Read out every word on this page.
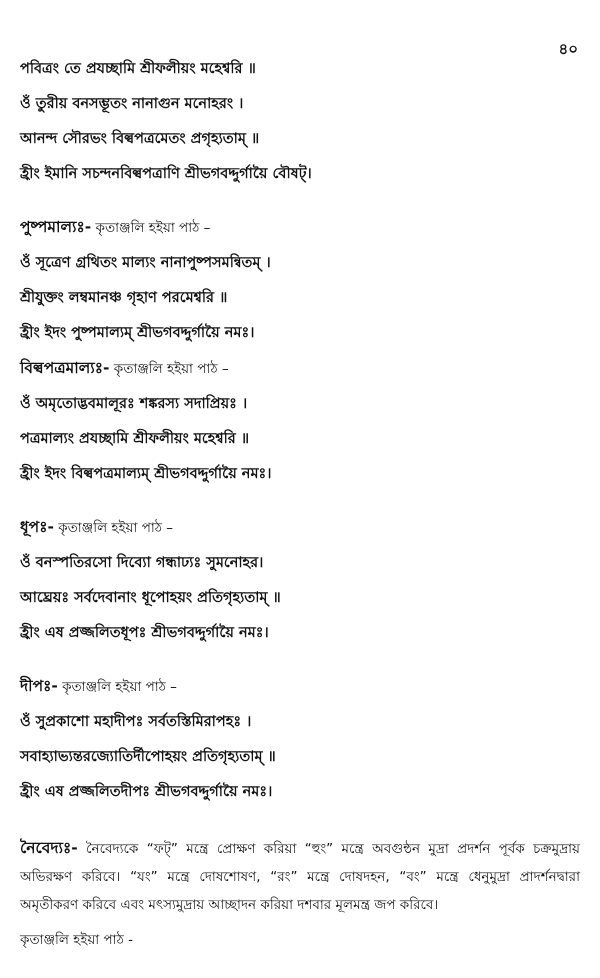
৪০
পবিত্রং তে প্রযচ্ছামি শ্রীফলীয়ং মহেশ্বরি ॥
ওঁ তুরীয় বনসম্ভূতং নানাগুন মনোহরং ।
আনন্দ সৌরভং বিল্বপত্রমেতং প্রগৃহ্যতাম্ ॥
হ্রীং ইমানি সচন্দনবিল্বপত্রাণি শ্রীভগবদ্দুর্গায়ৈ বৌষট্।
পুষ্পমাল্যঃ- কৃতাঞ্জলি হইয়া পাঠ –
ওঁ সূত্রেণ গ্রথিতং মাল্যং নানাপুষ্পসমন্বিতম্ ।
শ্রীযুক্তং লম্বমানঞ্চ গৃহাণ পরমেশ্বরি ॥
হ্রীং ইদং পুষ্পমাল্যম্ শ্রীভগবদ্দুর্গায়ৈ নমঃ।
বিল্বপত্রমাল্যঃ- কৃতাঞ্জলি হইয়া পাঠ –
ওঁ অমৃতোদ্ভবমালূরঃ শঙ্করস্য সদাপ্রিয়ঃ ।
পত্রমাল্যং প্রযচ্ছামি শ্রীফলীয়ং মহেশ্বরি ॥
হ্রীং ইদং বিল্বপত্রমাল্যম্ শ্রীভগবদ্দুর্গায়ৈ নমঃ।
ধূপঃ- কৃতাঞ্জলি হইয়া পাঠ –
ওঁ বনস্পতিরসো দিব্যো গন্ধাঢ্যঃ সুমনোহর।
আঘ্রেয়ঃ সর্বদেবানাং ধূপোহয়ং প্রতিগৃহ্যতাম্ ॥
হ্রীং এষ প্রজ্জলিতধূপঃ শ্রীভগবদ্দুর্গায়ৈ নমঃ।
দীপঃ- কৃতাঞ্জলি হইয়া পাঠ –
ওঁ সুপ্রকাশো মহাদীপঃ সর্বতস্তিমিরাপহঃ ।
সবাহ্যাভ্যন্তরজ্যোতির্দীপোহয়ং প্রতিগৃহ্যতাম্ ॥
হ্রীং এষ প্রজ্জলিতদীপঃ শ্রীভগবদ্দুর্গায়ৈ নমঃ।
নৈবেদ্যঃ- নৈবেদ্যকে “ফট্” মন্ত্রে প্রোক্ষণ করিয়া “হুং” মন্ত্রে অবগুন্ঠন মুদ্রা প্রদর্শন পূর্বক চক্রমুদ্রায় অভিরক্ষণ করিবে। “যং” মন্ত্রে দোষশোষণ, “রং” মন্ত্রে দোষদহন, “বং” মন্ত্রে ধেনুমুদ্রা প্রাদর্শনদ্বারা অমৃতীকরণ করিবে এবং মৎস্যমুদ্রায় আচ্ছাদন করিয়া দশবার মূলমন্ত্র জপ করিবে।
কৃতাঞ্জলি হইয়া পাঠ -
